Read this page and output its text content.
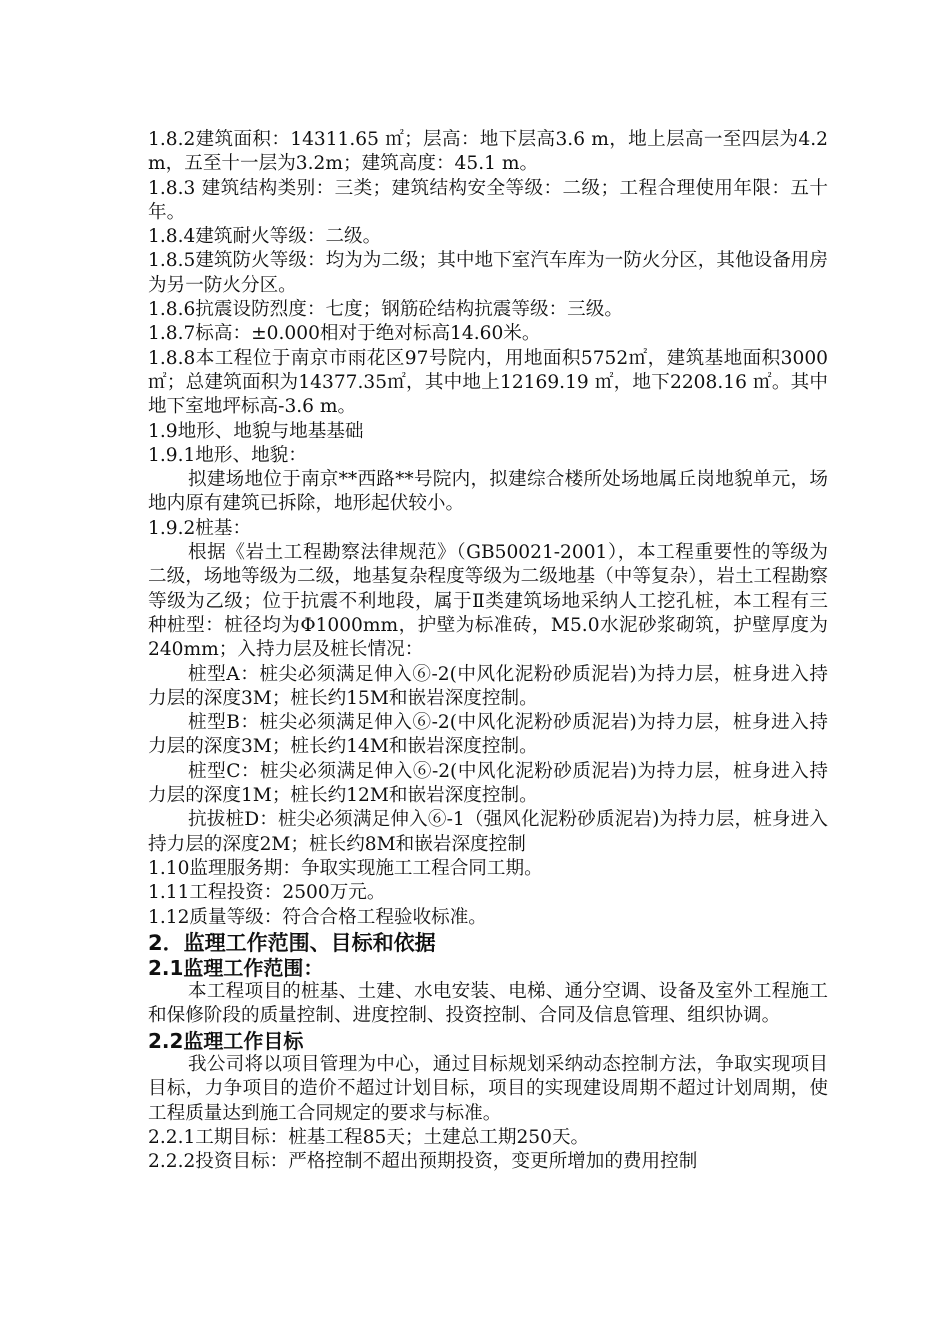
1.8.2建筑面积：14311.65 ㎡；层高：地下层高3.6 m，地上层高一至四层为4.2 m，五至十一层为3.2m；建筑高度：45.1 m。

1.8.3 建筑结构类别：三类；建筑结构安全等级：二级；工程合理使用年限：五十年。

1.8.4建筑耐火等级：二级。

1.8.5建筑防火等级：均为为二级；其中地下室汽车库为一防火分区，其他设备用房为另一防火分区。

1.8.6抗震设防烈度：七度；钢筋砼结构抗震等级：三级。

1.8.7标高：±0.000相对于绝对标高14.60米。

1.8.8本工程位于南京市雨花区97号院内，用地面积5752㎡，建筑基地面积3000㎡；总建筑面积为14377.35㎡，其中地上12169.19 ㎡，地下2208.16 ㎡。其中地下室地坪标高-3.6 m。

1.9地形、地貌与地基基础

1.9.1地形、地貌：

拟建场地位于南京**西路**号院内，拟建综合楼所处场地属丘岗地貌单元，场地内原有建筑已拆除，地形起伏较小。

1.9.2桩基：

根据《岩土工程勘察法律规范》（GB50021-2001），本工程重要性的等级为二级，场地等级为二级，地基复杂程度等级为二级地基（中等复杂），岩土工程勘察等级为乙级；位于抗震不利地段，属于Ⅱ类建筑场地采纳人工挖孔桩，本工程有三种桩型：桩径均为Φ1000mm，护壁为标准砖，M5.0水泥砂浆砌筑，护壁厚度为240mm；入持力层及桩长情况：

桩型A：桩尖必须满足伸入⑥-2(中风化泥粉砂质泥岩)为持力层，桩身进入持力层的深度3M；桩长约15M和嵌岩深度控制。

桩型B：桩尖必须满足伸入⑥-2(中风化泥粉砂质泥岩)为持力层，桩身进入持力层的深度3M；桩长约14M和嵌岩深度控制。

桩型C：桩尖必须满足伸入⑥-2(中风化泥粉砂质泥岩)为持力层，桩身进入持力层的深度1M；桩长约12M和嵌岩深度控制。

抗拔桩D：桩尖必须满足伸入⑥-1（强风化泥粉砂质泥岩)为持力层，桩身进入持力层的深度2M；桩长约8M和嵌岩深度控制

1.10监理服务期：争取实现施工工程合同工期。

1.11工程投资：2500万元。

1.12质量等级：符合合格工程验收标准。

2．监理工作范围、目标和依据

2.1监理工作范围：

本工程项目的桩基、土建、水电安装、电梯、通分空调、设备及室外工程施工和保修阶段的质量控制、进度控制、投资控制、合同及信息管理、组织协调。

2.2监理工作目标

我公司将以项目管理为中心，通过目标规划采纳动态控制方法，争取实现项目目标，力争项目的造价不超过计划目标，项目的实现建设周期不超过计划周期，使工程质量达到施工合同规定的要求与标准。

2.2.1工期目标：桩基工程85天；土建总工期250天。

2.2.2投资目标：严格控制不超出预期投资，变更所增加的费用控制
